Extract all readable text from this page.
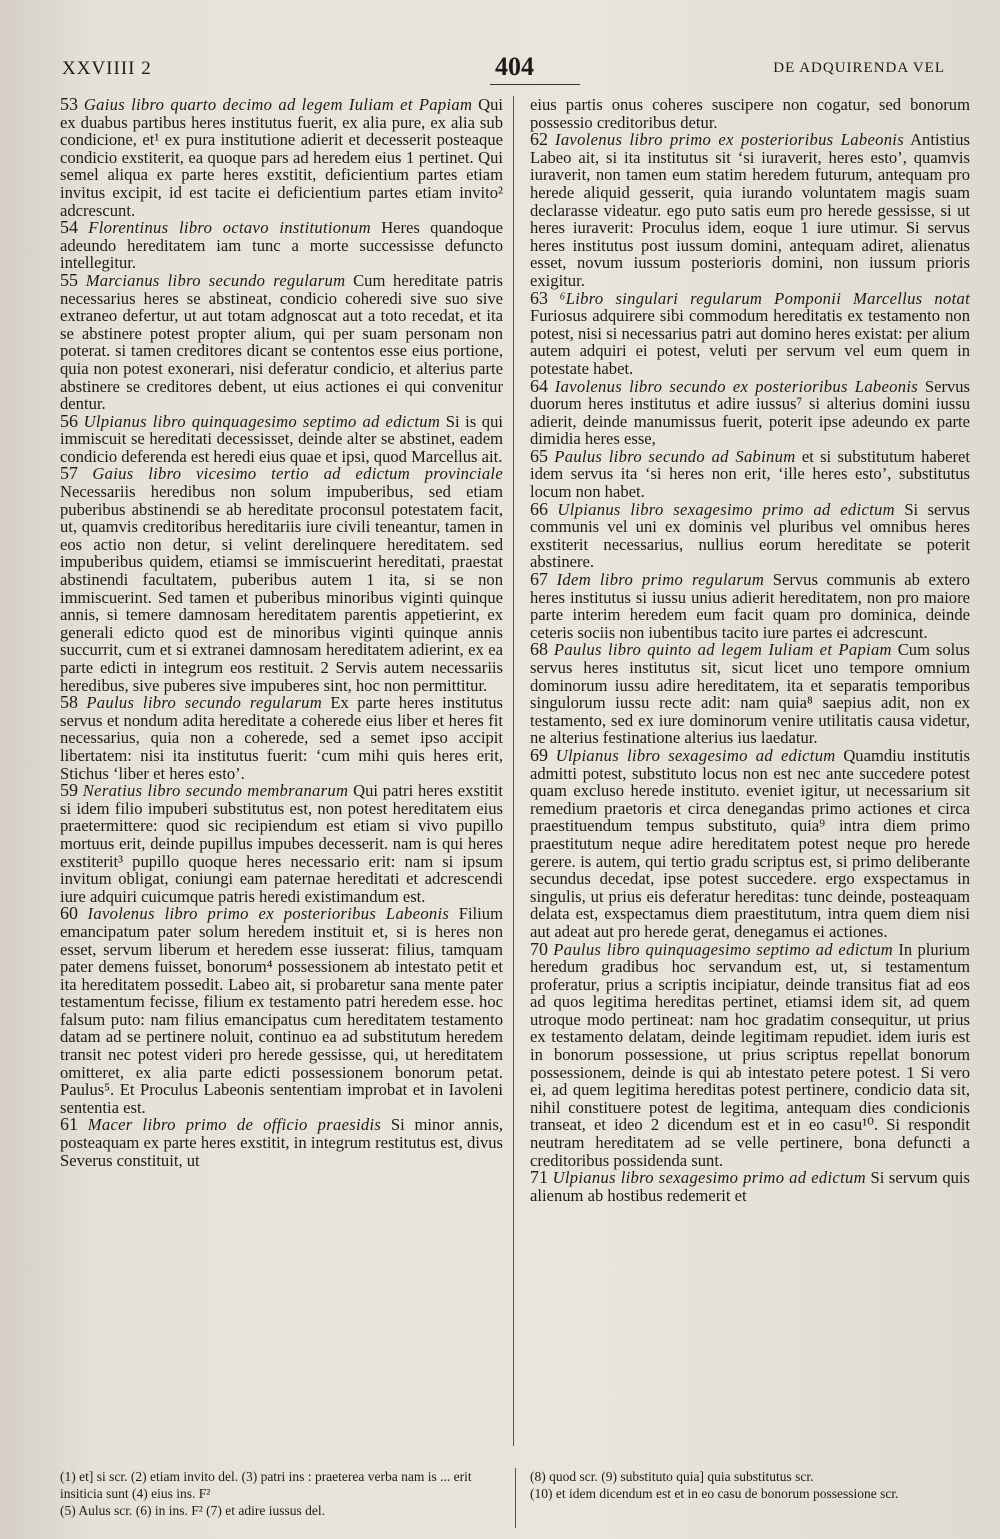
XXVIIII 2	404	DE ADQUIRENDA VEL

53 Gaius libro quarto decimo ad legem Iuliam et Papiam Qui ex duabus partibus heres institutus fuerit, ex alia pure, ex alia sub condicione, et¹ ex pura institutione adierit et decesserit posteaque condicio exstiterit, ea quoque pars ad heredem eius 1 pertinet. Qui semel aliqua ex parte heres exstitit, deficientium partes etiam invitus excipit, id est tacite ei deficientium partes etiam invito² adcrescunt.

54 Florentinus libro octavo institutionum Heres quandoque adeundo hereditatem iam tunc a morte successisse defuncto intellegitur.

55 Marcianus libro secundo regularum Cum hereditate patris necessarius heres se abstineat, condicio coheredi sive suo sive extraneo defertur, ut aut totam adgnoscat aut a toto recedat, et ita se abstinere potest propter alium, qui per suam personam non poterat. si tamen creditores dicant se contentos esse eius portione, quia non potest exonerari, nisi deferatur condicio, et alterius parte abstinere se creditores debent, ut eius actiones ei qui convenitur dentur.

56 Ulpianus libro quinquagesimo septimo ad edictum Si is qui immiscuit se hereditati decessisset, deinde alter se abstinet, eadem condicio deferenda est heredi eius quae et ipsi, quod Marcellus ait.

57 Gaius libro vicesimo tertio ad edictum provinciale Necessariis heredibus non solum impuberibus, sed etiam puberibus abstinendi se ab hereditate proconsul potestatem facit, ut, quamvis creditoribus hereditariis iure civili teneantur, tamen in eos actio non detur, si velint derelinquere hereditatem. sed impuberibus quidem, etiamsi se immiscuerint hereditati, praestat abstinendi facultatem, puberibus autem 1 ita, si se non immiscuerint. Sed tamen et puberibus minoribus viginti quinque annis, si temere damnosam hereditatem parentis appetierint, ex generali edicto quod est de minoribus viginti quinque annis succurrit, cum et si extranei damnosam hereditatem adierint, ex ea parte edicti in integrum eos restituit. 2 Servis autem necessariis heredibus, sive puberes sive impuberes sint, hoc non permittitur.

58 Paulus libro secundo regularum Ex parte heres institutus servus et nondum adita hereditate a coherede eius liber et heres fit necessarius, quia non a coherede, sed a semet ipso accipit libertatem: nisi ita institutus fuerit: ‘cum mihi quis heres erit, Stichus ‘liber et heres esto’.

59 Neratius libro secundo membranarum Qui patri heres exstitit si idem filio impuberi substitutus est, non potest hereditatem eius praetermittere: quod sic recipiendum est etiam si vivo pupillo mortuus erit, deinde pupillus impubes decesserit. nam is qui heres exstiterit³ pupillo quoque heres necessario erit: nam si ipsum invitum obligat, coniungi eam paternae hereditati et adcrescendi iure adquiri cuicumque patris heredi existimandum est.

60 Iavolenus libro primo ex posterioribus Labeonis Filium emancipatum pater solum heredem instituit et, si is heres non esset, servum liberum et heredem esse iusserat: filius, tamquam pater demens fuisset, bonorum⁴ possessionem ab intestato petit et ita hereditatem possedit. Labeo ait, si probaretur sana mente pater testamentum fecisse, filium ex testamento patri heredem esse. hoc falsum puto: nam filius emancipatus cum hereditatem testamento datam ad se pertinere noluit, continuo ea ad substitutum heredem transit nec potest videri pro herede gessisse, qui, ut hereditatem omitteret, ex alia parte edicti possessionem bonorum petat. Paulus⁵. Et Proculus Labeonis sententiam improbat et in Iavoleni sententia est.

61 Macer libro primo de officio praesidis Si minor annis, posteaquam ex parte heres exstitit, in integrum restitutus est, divus Severus constituit, ut

eius partis onus coheres suscipere non cogatur, sed bonorum possessio creditoribus detur.

62 Iavolenus libro primo ex posterioribus Labeonis Antistius Labeo ait, si ita institutus sit ‘si iuraverit, heres esto’, quamvis iuraverit, non tamen eum statim heredem futurum, antequam pro herede aliquid gesserit, quia iurando voluntatem magis suam declarasse videatur. ego puto satis eum pro herede gessisse, si ut heres iuraverit: Proculus idem, eoque 1 iure utimur. Si servus heres institutus post iussum domini, antequam adiret, alienatus esset, novum iussum posterioris domini, non iussum prioris exigitur.

63 ⁶Libro singulari regularum Pomponii Marcellus notat Furiosus adquirere sibi commodum hereditatis ex testamento non potest, nisi si necessarius patri aut domino heres existat: per alium autem adquiri ei potest, veluti per servum vel eum quem in potestate habet.

64 Iavolenus libro secundo ex posterioribus Labeonis Servus duorum heres institutus et adire iussus⁷ si alterius domini iussu adierit, deinde manumissus fuerit, poterit ipse adeundo ex parte dimidia heres esse,

65 Paulus libro secundo ad Sabinum et si substitutum haberet idem servus ita ‘si heres non erit, ‘ille heres esto’, substitutus locum non habet.

66 Ulpianus libro sexagesimo primo ad edictum Si servus communis vel uni ex dominis vel pluribus vel omnibus heres exstiterit necessarius, nullius eorum hereditate se poterit abstinere.

67 Idem libro primo regularum Servus communis ab extero heres institutus si iussu unius adierit hereditatem, non pro maiore parte interim heredem eum facit quam pro dominica, deinde ceteris sociis non iubentibus tacito iure partes ei adcrescunt.

68 Paulus libro quinto ad legem Iuliam et Papiam Cum solus servus heres institutus sit, sicut licet uno tempore omnium dominorum iussu adire hereditatem, ita et separatis temporibus singulorum iussu recte adit: nam quia⁸ saepius adit, non ex testamento, sed ex iure dominorum venire utilitatis causa videtur, ne alterius festinatione alterius ius laedatur.

69 Ulpianus libro sexagesimo ad edictum Quamdiu institutis admitti potest, substituto locus non est nec ante succedere potest quam excluso herede instituto. eveniet igitur, ut necessarium sit remedium praetoris et circa denegandas primo actiones et circa praestituendum tempus substituto, quia⁹ intra diem primo praestitutum neque adire hereditatem potest neque pro herede gerere. is autem, qui tertio gradu scriptus est, si primo deliberante secundus decedat, ipse potest succedere. ergo exspectamus in singulis, ut prius eis deferatur hereditas: tunc deinde, posteaquam delata est, exspectamus diem praestitutum, intra quem diem nisi aut adeat aut pro herede gerat, denegamus ei actiones.

70 Paulus libro quinquagesimo septimo ad edictum In plurium heredum gradibus hoc servandum est, ut, si testamentum proferatur, prius a scriptis incipiatur, deinde transitus fiat ad eos ad quos legitima hereditas pertinet, etiamsi idem sit, ad quem utroque modo pertineat: nam hoc gradatim consequitur, ut prius ex testamento delatam, deinde legitimam repudiet. idem iuris est in bonorum possessione, ut prius scriptus repellat bonorum possessionem, deinde is qui ab intestato petere potest. 1 Si vero ei, ad quem legitima hereditas potest pertinere, condicio data sit, nihil constituere potest de legitima, antequam dies condicionis transeat, et ideo 2 dicendum est et in eo casu¹⁰. Si respondit neutram hereditatem ad se velle pertinere, bona defuncti a creditoribus possidenda sunt.

71 Ulpianus libro sexagesimo primo ad edictum Si servum quis alienum ab hostibus redemerit et

(1) et] si scr. (2) etiam invito del. (3) patri ins : praeterea verba nam is ... erit insiticia sunt (4) eius ins. F²
(5) Aulus scr. (6) in ins. F² (7) et adire iussus del.
(8) quod scr. (9) substituto quia] quia substitutus scr.
(10) et idem dicendum est et in eo casu de bonorum possessione scr.
